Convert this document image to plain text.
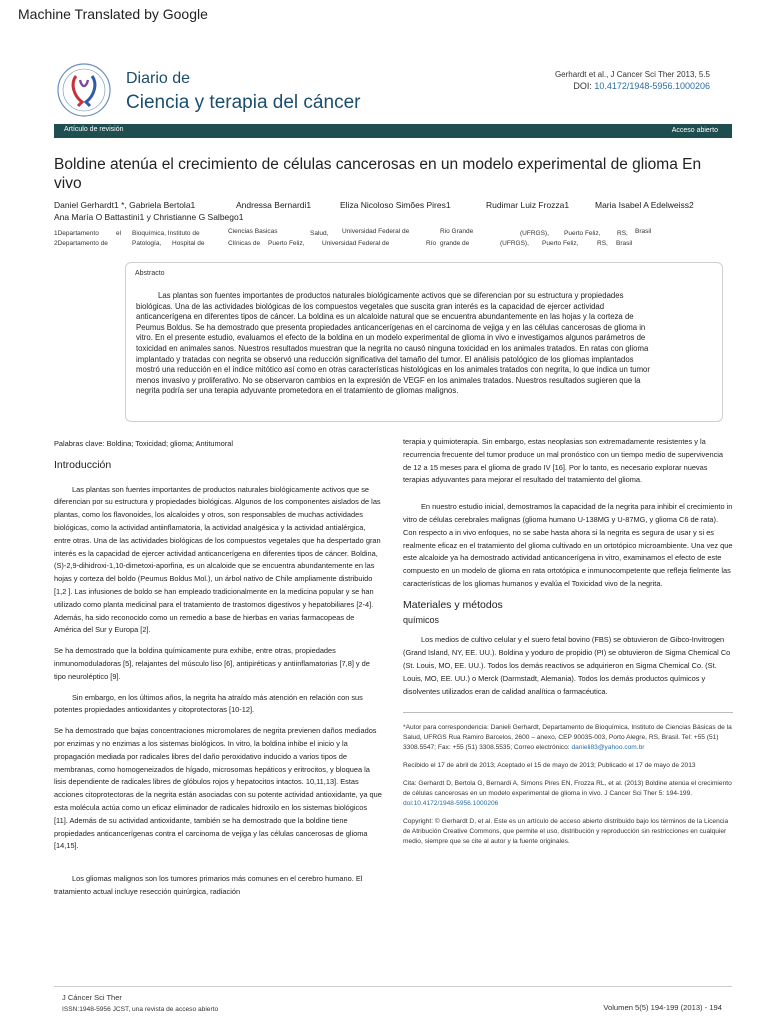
Machine Translated by Google
Diario de
Ciencia y terapia del cáncer
Gerhardt et al., J Cancer Sci Ther 2013, 5.5
DOI: 10.4172/1948-5956.1000206
Artículo de revisión	Acceso abierto
Boldine atenúa el crecimiento de células cancerosas en un modelo experimental de glioma En vivo
Daniel Gerhardt1 *, Gabriela Bertola1	Andressa Bernardi1	Eliza Nicoloso Simões Pires1	Rudimar Luiz Frozza1	Maria Isabel A Edelweiss2
Ana María O Battastini1 y Christianne G Salbego1
1Departamento	el Bioquímica, Instituto de	Ciencias Basicas	Salud, Universidad Federal de	Rio Grande	(UFRGS), Puerto Feliz,	RS, Brasil
2Departamento de	Patología, Hospital de	Clínicas de Puerto Feliz,	Universidad Federal de	Río grande de	(UFRGS), Puerto Feliz,	RS, Brasil
Abstracto
Las plantas son fuentes importantes de productos naturales biológicamente activos que se diferencian por su estructura y propiedades biológicas. Una de las actividades biológicas de los compuestos vegetales que suscita gran interés es la capacidad de ejercer actividad anticancerígena en diferentes tipos de cáncer. La boldina es un alcaloide natural que se encuentra abundantemente en las hojas y la corteza de Peumus Boldus. Se ha demostrado que presenta propiedades anticancerígenas en el carcinoma de vejiga y en las células cancerosas de glioma in vitro. En el presente estudio, evaluamos el efecto de la boldina en un modelo experimental de glioma in vivo e investigamos algunos parámetros de toxicidad en animales sanos. Nuestros resultados muestran que la negrita no causó ninguna toxicidad en los animales tratados. En ratas con glioma implantado y tratadas con negrita se observó una reducción significativa del tamaño del tumor. El análisis patológico de los gliomas implantados mostró una reducción en el índice mitótico así como en otras características histológicas en los animales tratados con negrita, lo que indica un tumor menos invasivo y proliferativo. No se observaron cambios en la expresión de VEGF en los animales tratados. Nuestros resultados sugieren que la negrita podría ser una terapia adyuvante prometedora en el tratamiento de gliomas malignos.

Palabras clave: Boldina; Toxicidad; glioma; Antitumoral

Introducción

Las plantas son fuentes importantes de productos naturales biológicamente activos que se diferencian por su estructura y propiedades biológicas. Algunos de los componentes aislados de las plantas, como los flavonoides, los alcaloides y otros, son responsables de muchas actividades biológicas, como la actividad antiinflamatoria, la actividad analgésica y la actividad antialérgica, entre otras. Una de las actividades biológicas de los compuestos vegetales que ha despertado gran interés es la capacidad de ejercer actividad anticancerígena en diferentes tipos de cáncer. Boldina, (S)-2,9-dihidroxi-1,10-dimetoxi-aporfina, es un alcaloide que se encuentra abundantemente en las hojas y corteza del boldo (Peumus Boldus Mol.), un árbol nativo de Chile ampliamente distribuido [1,2 ]. Las infusiones de boldo se han empleado tradicionalmente en la medicina popular y se han utilizado como planta medicinal para el tratamiento de trastornos digestivos y hepatobiliares [2-4]. Además, ha sido reconocido como un remedio a base de hierbas en varias farmacopeas de América del Sur y Europa [2].

Se ha demostrado que la boldina químicamente pura exhibe, entre otras, propiedades inmunomoduladoras [5], relajantes del músculo liso [6], antipiréticas y antiinflamatorias [7,8] y de tipo neuroléptico [9].

Sin embargo, en los últimos años, la negrita ha atraído más atención en relación con sus potentes propiedades antioxidantes y citoprotectoras [10-12].

Se ha demostrado que bajas concentraciones micromolares de negrita previenen daños mediados por enzimas y no enzimas a los sistemas biológicos. In vitro, la boldina inhibe el inicio y la propagación mediada por radicales libres del daño peroxidativo inducido a varios tipos de membranas, como homogeneizados de hígado, microsomas hepáticos y eritrocitos, y bloquea la lisis dependiente de radicales libres de glóbulos rojos y hepatocitos intactos. 10,11,13]. Estas acciones citoprotectoras de la negrita están asociadas con su potente actividad antioxidante, ya que esta molécula actúa como un eficaz eliminador de radicales hidroxilo en los sistemas biológicos [11]. Además de su actividad antioxidante, también se ha demostrado que la boldine tiene propiedades anticancerígenas contra el carcinoma de vejiga y las células cancerosas de glioma [14,15].

Los gliomas malignos son los tumores primarios más comunes en el cerebro humano. El tratamiento actual incluye resección quirúrgica, radiación

terapia y quimioterapia. Sin embargo, estas neoplasias son extremadamente resistentes y la recurrencia frecuente del tumor produce un mal pronóstico con un tiempo medio de supervivencia de 12 a 15 meses para el glioma de grado IV [16]. Por lo tanto, es necesario explorar nuevas terapias adyuvantes para mejorar el resultado del tratamiento del glioma.

En nuestro estudio inicial, demostramos la capacidad de la negrita para inhibir el crecimiento in vitro de células cerebrales malignas (glioma humano U-138MG y U-87MG, y glioma C6 de rata). Con respecto a in vivo enfoques, no se sabe hasta ahora si la negrita es segura de usar y si es realmente eficaz en el tratamiento del glioma cultivado en un ortotópico microambiente. Una vez que este alcaloide ya ha demostrado actividad anticancerígena in vitro, examinamos el efecto de este compuesto en un modelo de glioma en rata ortotópica e inmunocompetente que refleja fielmente las características de los gliomas humanos y evalúa el Toxicidad vivo de la negrita.

Materiales y métodos
químicos

Los medios de cultivo celular y el suero fetal bovino (FBS) se obtuvieron de Gibco-Invitrogen (Grand Island, NY, EE. UU.). Boldina y yoduro de propidio (PI) se obtuvieron de Sigma Chemical Co (St. Louis, MO, EE. UU.). Todos los demás reactivos se adquirieron en Sigma Chemical Co. (St. Louis, MO, EE. UU.) o Merck (Darmstadt, Alemania). Todos los demás productos químicos y disolventes utilizados eran de calidad analítica o farmacéutica.

*Autor para correspondencia: Danieli Gerhardt, Departamento de Bioquímica, Instituto de Ciencias Básicas de la Salud, UFRGS Rua Ramiro Barcelos, 2600 – anexo, CEP 90035-003, Porto Alegre, RS, Brasil. Tel: +55 (51) 3308.5547; Fax: +55 (51) 3308.5535; Correo electrónico: danieli83@yahoo.com.br

Recibido el 17 de abril de 2013; Aceptado el 15 de mayo de 2013; Publicado el 17 de mayo de 2013

Cita: Gerhardt D, Bertola G, Bernardi A, Simons Pires EN, Frozza RL, et al. (2013) Boldine atenúa el crecimiento de células cancerosas en un modelo experimental de glioma in vivo. J Cancer Sci Ther 5: 194-199. doi:10.4172/1948-5956.1000206

Copyright: © Gerhardt D, et al. Este es un artículo de acceso abierto distribuido bajo los términos de la Licencia de Atribución Creative Commons, que permite el uso, distribución y reproducción sin restricciones en cualquier medio, siempre que se cite al autor y la fuente originales.

J Cáncer Sci Ther
ISSN:1948-5956 JCST, una revista de acceso abierto	Volumen 5(5) 194-199 (2013) - 194
